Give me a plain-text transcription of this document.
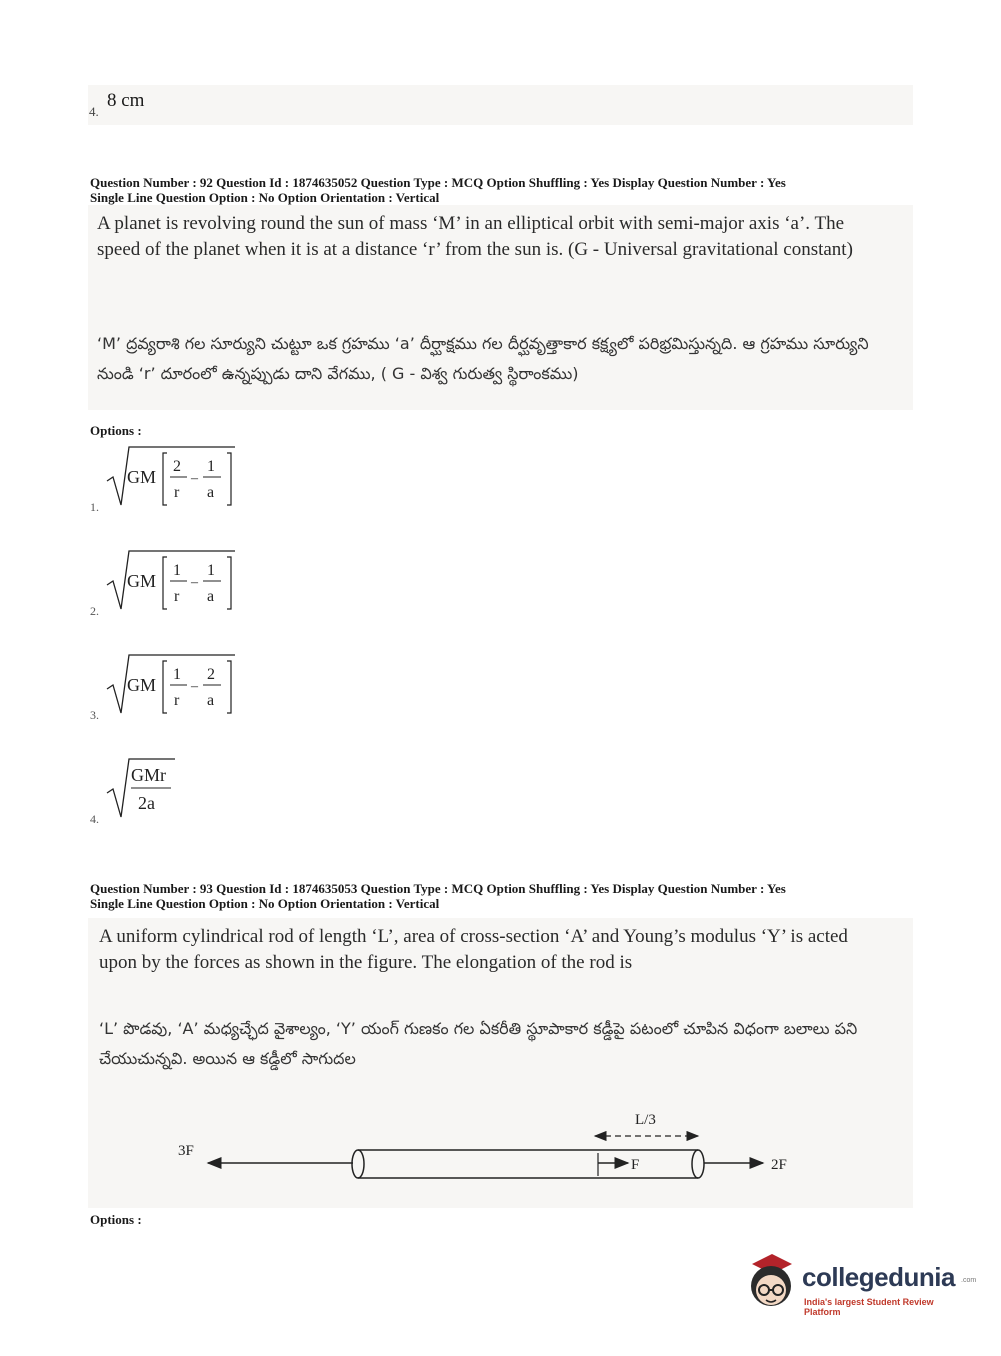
4.
8 cm
Question Number : 92 Question Id : 1874635052 Question Type : MCQ Option Shuffling : Yes Display Question Number : Yes
Single Line Question Option : No Option Orientation : Vertical
A planet is revolving round the sun of mass ‘M’ in an elliptical orbit with semi-major axis ‘a’. The speed of the planet when it is at a distance ‘r’ from the sun is. (G - Universal gravitational constant)
‘M’ ద్రవ్యరాశి గల సూర్యుని చుట్టూ ఒక గ్రహము ‘a’ దీర్ఘాక్షము గల దీర్ఘవృత్తాకార కక్ష్యలో పరిభ్రమిస్తున్నది. ఆ గ్రహము సూర్యుని నుండి ‘r’ దూరంలో ఉన్నప్పుడు దాని వేగము, ( G - విశ్వ గురుత్వ స్థిరాంకము)
Options :
1.
GM
2
r
–
1
a
2.
GM
1
r
–
1
a
3.
GM
1
r
–
2
a
4.
GMr
2a
Question Number : 93 Question Id : 1874635053 Question Type : MCQ Option Shuffling : Yes Display Question Number : Yes
Single Line Question Option : No Option Orientation : Vertical
A uniform cylindrical rod of length ‘L’, area of cross-section ‘A’ and Young’s modulus ‘Y’ is acted upon by the forces as shown in the figure. The elongation of the rod is
‘L’ పొడవు, ‘A’ మధ్యచ్ఛేద వైశాల్యం, ‘Y’ యంగ్ గుణకం గల ఏకరీతి స్థూపాకార కడ్డీపై పటంలో చూపిన విధంగా బలాలు పని చేయుచున్నవి. అయిన ఆ కడ్డీలో సాగుదల
3F
F
L/3
2F
Options :
collegedunia .com
India's largest Student Review Platform
